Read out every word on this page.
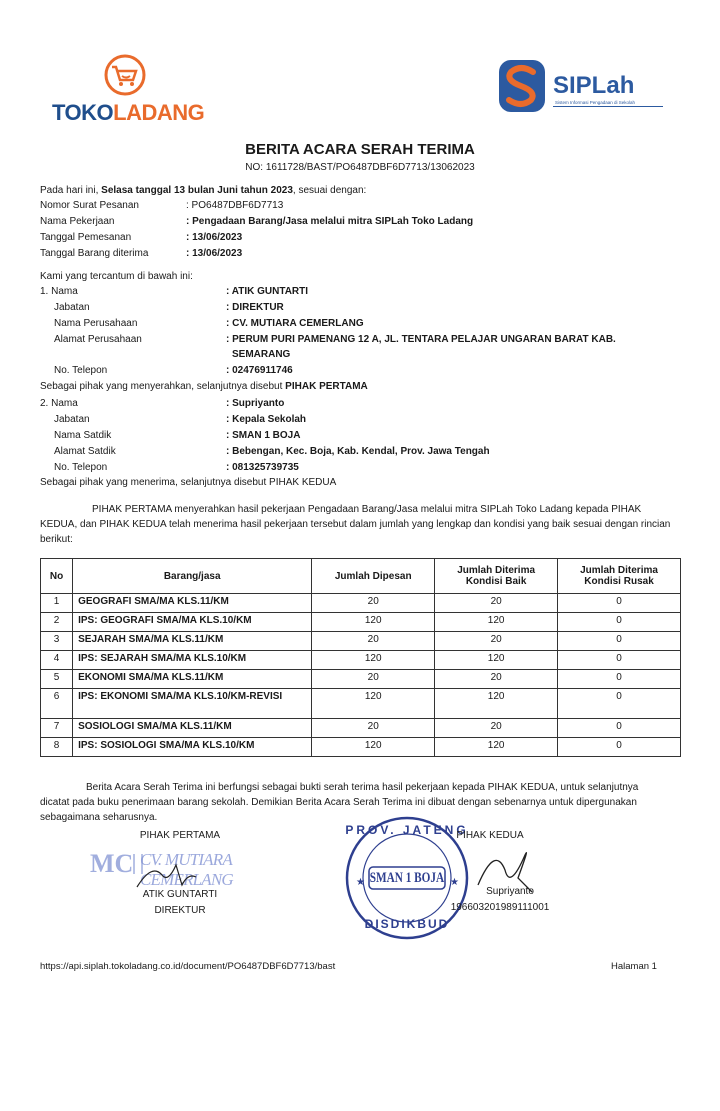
TOKOLADANG
SIPLah
Sistem Informasi Pengadaan di Sekolah
BERITA ACARA SERAH TERIMA
NO: 1611728/BAST/PO6487DBF6D7713/13062023
Pada hari ini, Selasa tanggal 13 bulan Juni tahun 2023, sesuai dengan:
Nomor Surat Pesanan	: PO6487DBF6D7713
Nama Pekerjaan	: Pengadaan Barang/Jasa melalui mitra SIPLah Toko Ladang
Tanggal Pemesanan	: 13/06/2023
Tanggal Barang diterima	: 13/06/2023
Kami yang tercantum di bawah ini:
1. Nama	: ATIK GUNTARTI
Jabatan	: DIREKTUR
Nama Perusahaan	: CV. MUTIARA CEMERLANG
Alamat Perusahaan	: PERUM PURI PAMENANG 12 A, JL. TENTARA PELAJAR UNGARAN BARAT KAB.
SEMARANG
No. Telepon	: 02476911746
Sebagai pihak yang menyerahkan, selanjutnya disebut PIHAK PERTAMA
2. Nama	: Supriyanto
Jabatan	: Kepala Sekolah
Nama Satdik	: SMAN 1 BOJA
Alamat Satdik	: Bebengan, Kec. Boja, Kab. Kendal, Prov. Jawa Tengah
No. Telepon	: 081325739735
Sebagai pihak yang menerima, selanjutnya disebut PIHAK KEDUA
PIHAK PERTAMA menyerahkan hasil pekerjaan Pengadaan Barang/Jasa melalui mitra SIPLah Toko Ladang kepada PIHAK KEDUA, dan PIHAK KEDUA telah menerima hasil pekerjaan tersebut dalam jumlah yang lengkap dan kondisi yang baik sesuai dengan rincian berikut:
No	Barang/jasa	Jumlah Dipesan	Jumlah Diterima Kondisi Baik	Jumlah Diterima Kondisi Rusak
1	GEOGRAFI SMA/MA KLS.11/KM	20	20	0
2	IPS: GEOGRAFI SMA/MA KLS.10/KM	120	120	0
3	SEJARAH SMA/MA KLS.11/KM	20	20	0
4	IPS: SEJARAH SMA/MA KLS.10/KM	120	120	0
5	EKONOMI SMA/MA KLS.11/KM	20	20	0
6	IPS: EKONOMI SMA/MA KLS.10/KM-REVISI	120	120	0
7	SOSIOLOGI SMA/MA KLS.11/KM	20	20	0
8	IPS: SOSIOLOGI SMA/MA KLS.10/KM	120	120	0
Berita Acara Serah Terima ini berfungsi sebagai bukti serah terima hasil pekerjaan kepada PIHAK KEDUA, untuk selanjutnya dicatat pada buku penerimaan barang sekolah. Demikian Berita Acara Serah Terima ini dibuat dengan sebenarnya untuk dipergunakan sebagaimana seharusnya.
PIHAK PERTAMA
MC CV. MUTIARA CEMERLANG
ATIK GUNTARTI
DIREKTUR
★	★
SMAN 1 BOJA
PROV. JATENG
DISDIKBUD
PIHAK KEDUA
Supriyanto
196603201989111001
https://api.siplah.tokoladang.co.id/document/PO6487DBF6D7713/bast	Halaman 1
